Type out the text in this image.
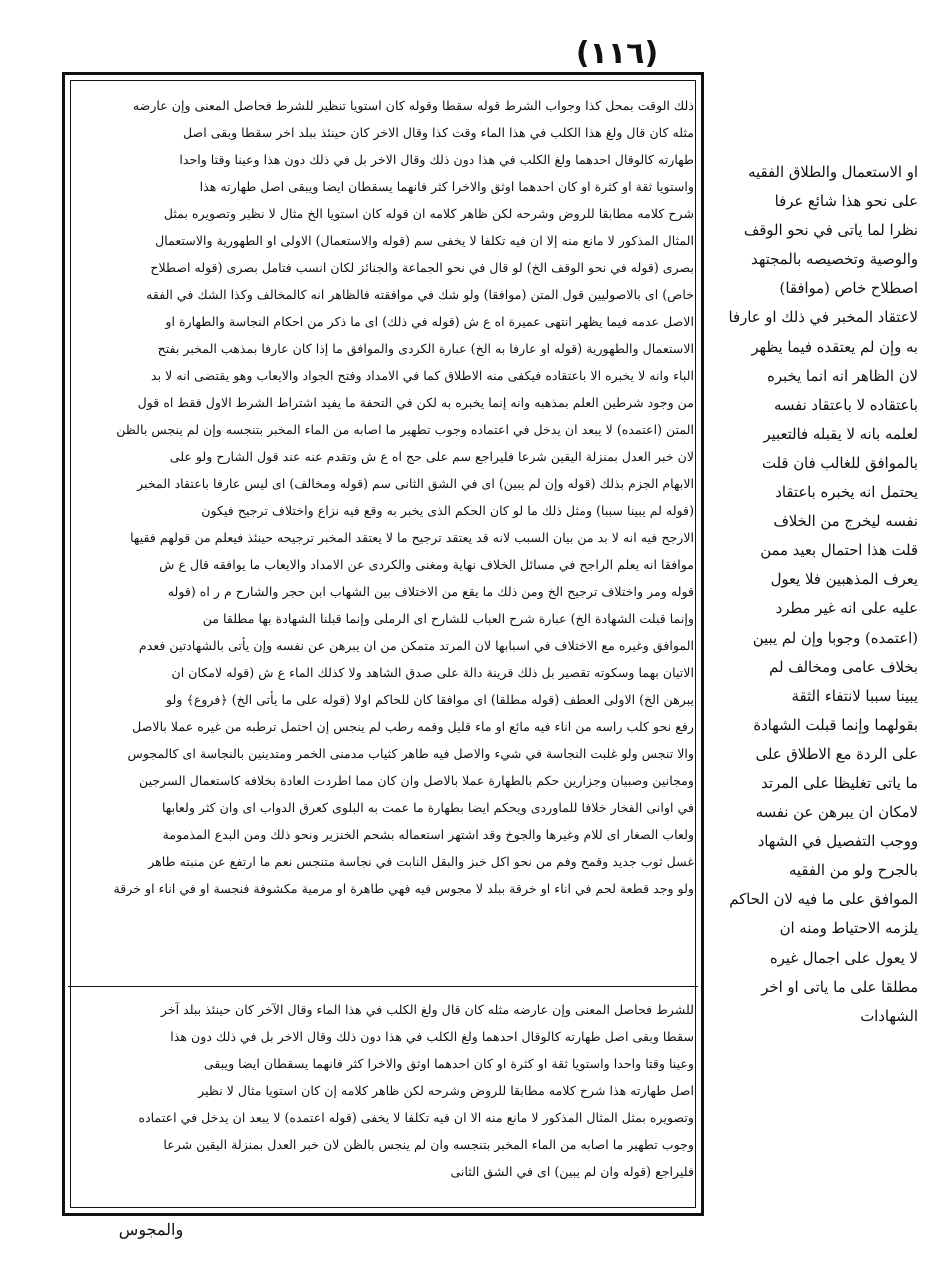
(۱۱٦)
ذلك الوقت بمحل كذا وجواب الشرط قوله سقطا وقوله كان استويا تنظير للشرط فحاصل المعنى وإن عارضه
مثله كان قال ولغ هذا الكلب في هذا الماء وقت كذا وقال الاخر كان حينئذ ببلد اخر سقطا وبقى اصل
طهارته كالوقال احدهما ولغ الكلب في هذا دون ذلك وقال الاخر بل في ذلك دون هذا وعينا وقتا واحدا
واستويا ثقة او كثرة او كان احدهما اوثق والاخرا كثر فانهما يسقطان ايضا ويبقى اصل طهارته هذا
شرح كلامه مطابقا للروض وشرحه لكن ظاهر كلامه ان قوله كان استويا الخ مثال لا نظير وتصويره بمثل
المثال المذكور لا مانع منه إلا ان فيه تكلفا لا يخفى سم (قوله والاستعمال) الاولى او الطهورية والاستعمال
بصرى (قوله في نحو الوقف الخ) لو قال في نحو الجماعة والجنائز لكان انسب فتامل بصرى (قوله اصطلاح
خاص) اى بالاصوليين قول المتن (موافقا) ولو شك في موافقته فالظاهر انه كالمخالف وكذا الشك في الفقه
الاصل عدمه فيما يظهر انتهى عميرة اه ع ش (قوله في ذلك) اى ما ذكر من احكام النجاسة والطهارة او
الاستعمال والطهورية (قوله او عارفا به الخ) عبارة الكردى والموافق ما إذا كان عارفا بمذهب المخبر بفتح
الباء وانه لا يخبره الا باعتقاده فيكفى منه الاطلاق كما في الامداد وفتح الجواد والايعاب وهو يقتضى انه لا بد
من وجود شرطين العلم بمذهبه وانه إنما يخبره به لكن في التحفة ما يفيد اشتراط الشرط الاول فقط اه قول
المتن (اعتمده) لا يبعد ان يدخل في اعتماده وجوب تطهير ما اصابه من الماء المخبر بتنجسه وإن لم ينجس بالظن
لان خبر العدل بمنزلة اليقين شرعا فليراجع سم على حج اه ع ش وتقدم عنه عند قول الشارح ولو على
الابهام الجزم بذلك (قوله وإن لم يبين) اى في الشق الثانى سم (قوله ومخالف) اى ليس عارفا باعتقاد المخبر
(قوله لم يبينا سببا) ومثل ذلك ما لو كان الحكم الذى يخبر به وقع فيه نزاع واختلاف ترجيح فيكون
الارجح فيه انه لا بد من بيان السبب لانه قد يعتقد ترجيح ما لا يعتقد المخبر ترجيحه حينئذ فيعلم من قولهم فقيها
موافقا انه يعلم الراجح في مسائل الخلاف نهاية ومغنى والكردى عن الامداد والايعاب ما يوافقه قال ع ش
قوله ومر واختلاف ترجيح الخ ومن ذلك ما يقع من الاختلاف بين الشهاب ابن حجر والشارح م ر اه (قوله
وإنما قبلت الشهادة الخ) عبارة شرح العباب للشارح اى الرملى وإنما قبلنا الشهادة بها مطلقا من
الموافق وغيره مع الاختلاف في اسبابها لان المرتد متمكن من ان يبرهن عن نفسه وإن يأتى بالشهادتين فعدم
الاتيان بهما وسكوته تقصير بل ذلك قرينة دالة على صدق الشاهد ولا كذلك الماء ع ش (قوله لامكان ان
يبرهن الخ) الاولى العطف (قوله مطلقا) اى موافقا كان للحاكم اولا (قوله على ما يأتى الخ) ﴿فروع﴾ ولو
رفع نحو كلب راسه من اناء فيه مائع او ماء قليل وفمه رطب لم ينجس إن احتمل ترطبه من غيره عملا بالاصل
والا تنجس ولو غلبت النجاسة في شيء والاصل فيه طاهر كثياب مدمنى الخمر ومتدينين بالنجاسة اى كالمجوس
ومجانين وصبيان وجزارين حكم بالطهارة عملا بالاصل وان كان مما اطردت العادة بخلافه كاستعمال السرجين
في اوانى الفخار خلافا للماوردى ويحكم ايضا بطهارة ما عمت به البلوى كعرق الدواب اى وان كثر ولعابها
ولعاب الصغار اى للام وغيرها والجوخ وقد اشتهر استعماله بشحم الخنزير ونحو ذلك ومن البدع المذمومة
غسل ثوب جديد وقمح وفم من نحو اكل خبز والبقل النابت في نجاسة متنجس نعم ما ارتفع عن منبته طاهر
ولو وجد قطعة لحم في اناء او خرقة ببلد لا مجوس فيه فهي طاهرة او مرمية مكشوفة فنجسة او في اناء او خرقة
للشرط فحاصل المعنى وإن عارضه مثله كان قال ولغ الكلب في هذا الماء وقال الآخر كان حينئذ ببلد آخر
سقطا وبقى اصل طهارته كالوقال احدهما ولغ الكلب في هذا دون ذلك وقال الاخر بل في ذلك دون هذا
وعينا وقتا واحدا واستويا ثقة او كثرة او كان احدهما اوثق والاخرا كثر فانهما يسقطان ايضا ويبقى
اصل طهارته هذا شرح كلامه مطابقا للروض وشرحه لكن ظاهر كلامه إن كان استويا مثال لا نظير
وتصويره بمثل المثال المذكور لا مانع منه الا ان فيه تكلفا لا يخفى (قوله اعتمده) لا يبعد ان يدخل في اعتماده
وجوب تطهير ما اصابه من الماء المخبر بتنجسه وان لم ينجس بالظن لان خبر العدل بمنزلة اليقين شرعا
فليراجع (قوله وان لم يبين) اى في الشق الثانى
او الاستعمال والطلاق الفقيه
على نحو هذا شائع عرفا
نظرا لما ياتى في نحو الوقف
والوصية وتخصيصه بالمجتهد
اصطلاح خاص (موافقا)
لاعتقاد المخبر في ذلك او عارفا
به وإن لم يعتقده فيما يظهر
لان الظاهر انه انما يخبره
باعتقاده لا باعتقاد نفسه
لعلمه بانه لا يقبله فالتعبير
بالموافق للغالب فان قلت
يحتمل انه يخبره باعتقاد
نفسه ليخرج من الخلاف
قلت هذا احتمال بعيد ممن
يعرف المذهبين فلا يعول
عليه على انه غير مطرد
(اعتمده) وجوبا وإن لم يبين
بخلاف عامى ومخالف لم
يبينا سببا لانتفاء الثقة
بقولهما وإنما قبلت الشهادة
على الردة مع الاطلاق على
ما ياتى تغليظا على المرتد
لامكان ان يبرهن عن نفسه
ووجب التفصيل في الشهاد
بالجرح ولو من الفقيه
الموافق على ما فيه لان الحاكم
يلزمه الاحتياط ومنه ان
لا يعول على اجمال غيره
مطلقا على ما ياتى او اخر
الشهادات
والمجوس
